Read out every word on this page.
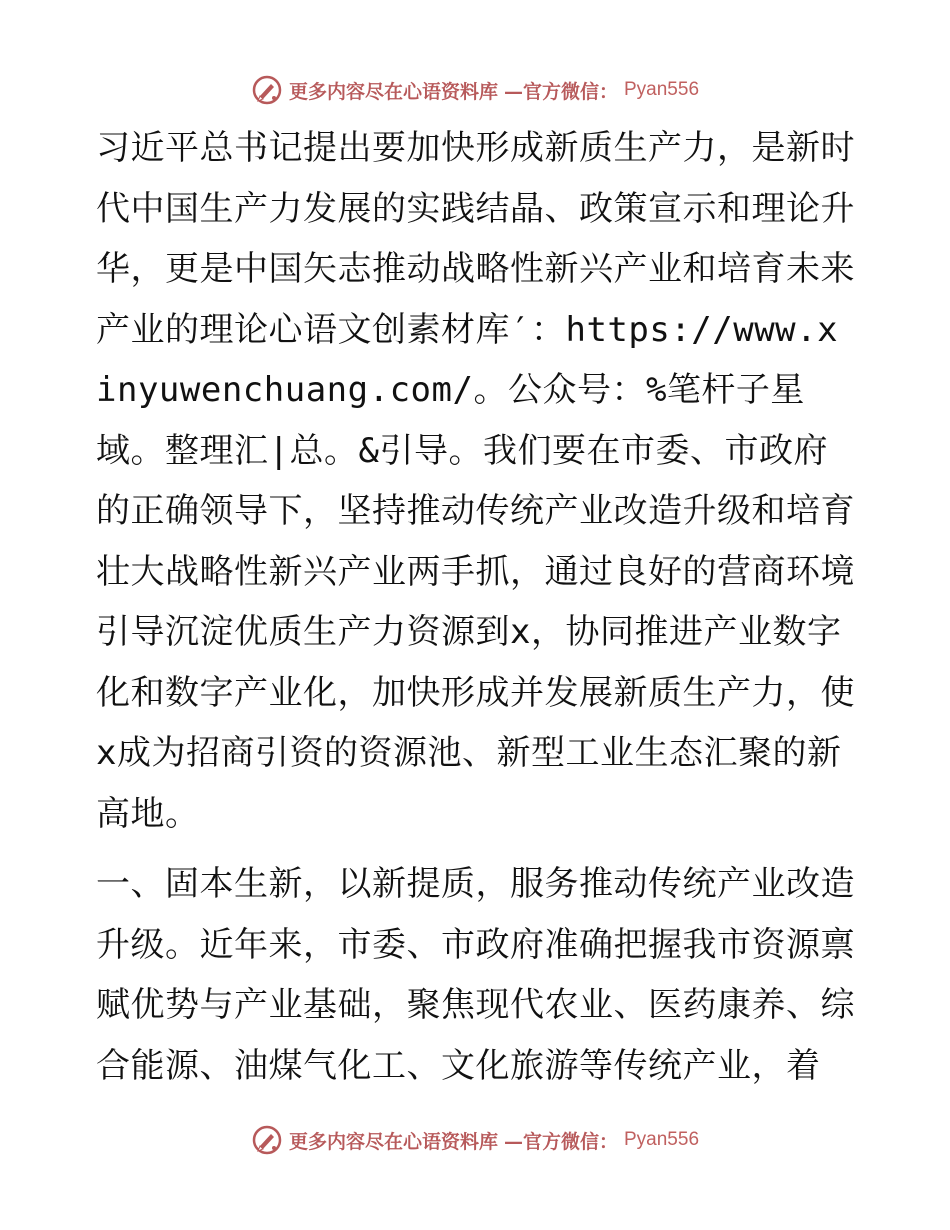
更多内容尽在心语资料库 —官方微信： Pyan556

习近平总书记提出要加快形成新质生产力，是新时代中国生产力发展的实践结晶、政策宣示和理论升华，更是中国矢志推动战略性新兴产业和培育未来产业的理论心语文创素材库′：https://www.xinyuwenchuang.com/。公众号：%笔杆子星域。整理汇|总。&引导。我们要在市委、市政府的正确领导下，坚持推动传统产业改造升级和培育壮大战略性新兴产业两手抓，通过良好的营商环境引导沉淀优质生产力资源到x，协同推进产业数字化和数字产业化，加快形成并发展新质生产力，使x成为招商引资的资源池、新型工业生态汇聚的新高地。

一、固本生新，以新提质，服务推动传统产业改造升级。近年来，市委、市政府准确把握我市资源禀赋优势与产业基础，聚焦现代农业、医药康养、综合能源、油煤气化工、文化旅游等传统产业，着

更多内容尽在心语资料库 —官方微信： Pyan556
